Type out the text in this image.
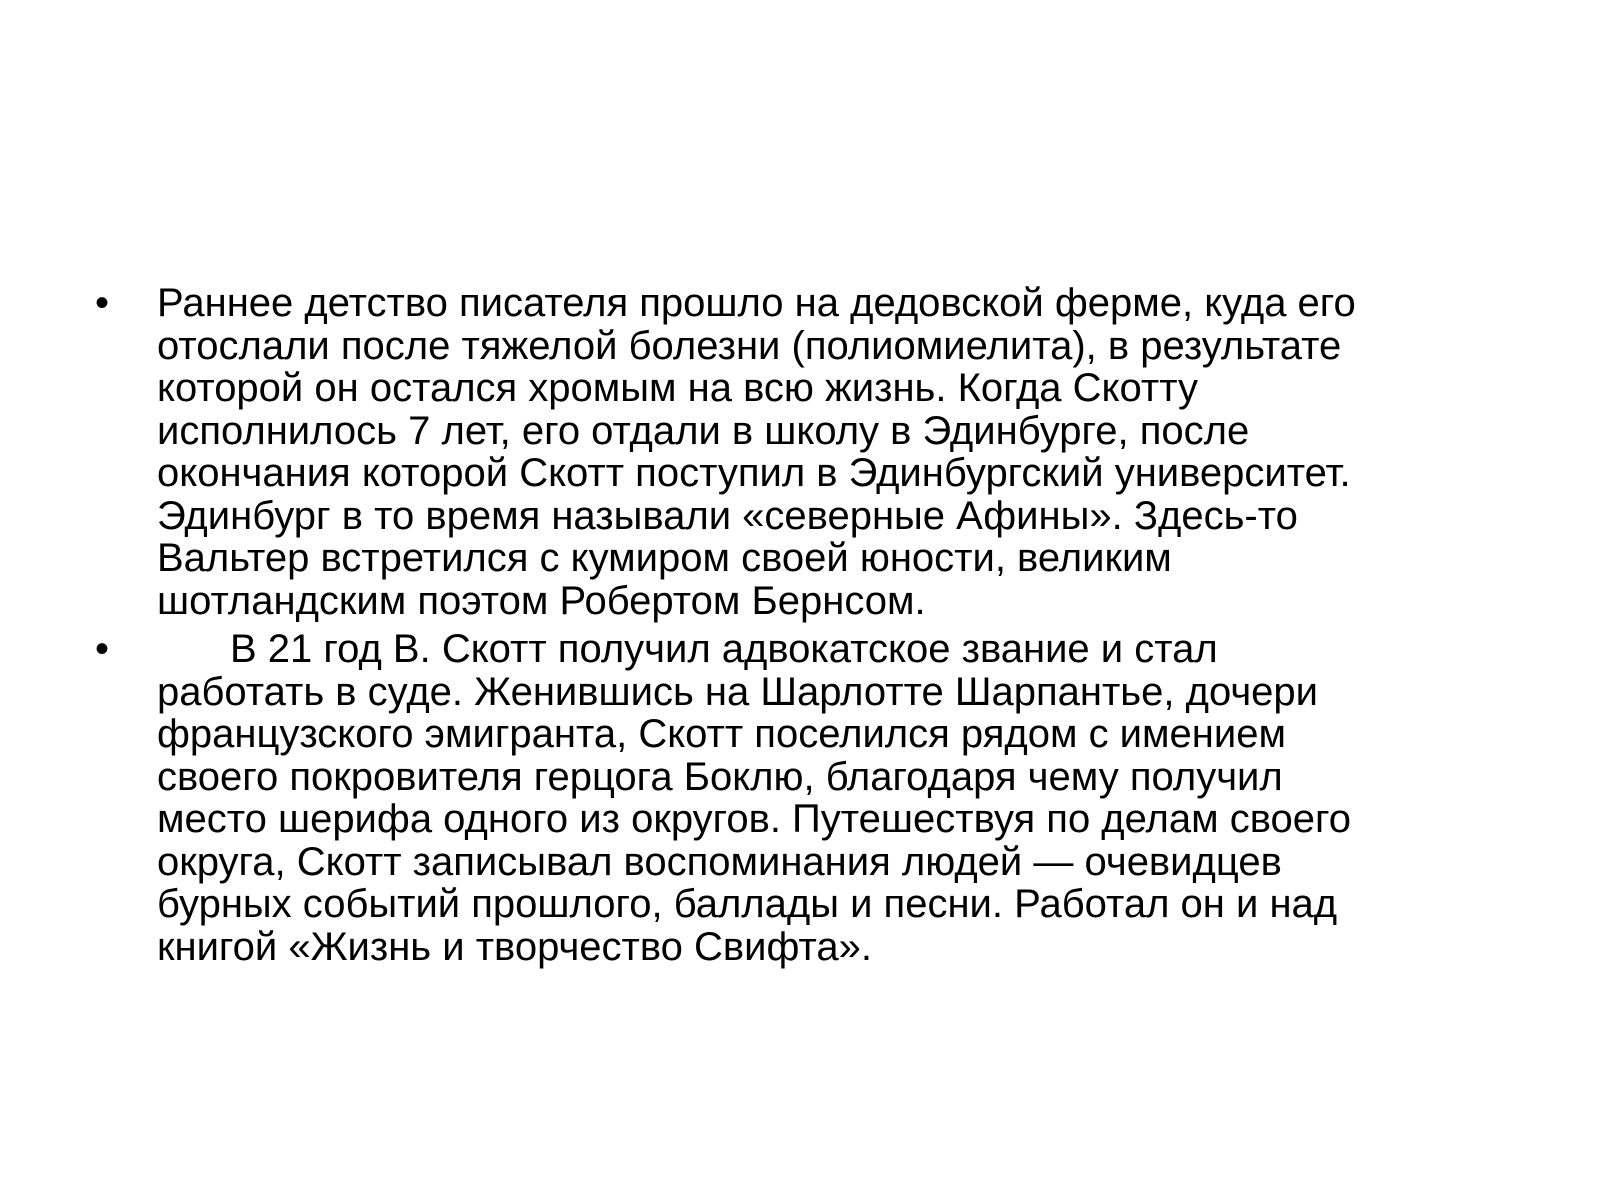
• Раннее детство писателя прошло на дедовской ферме, куда его
отослали после тяжелой болезни (полиомиелита), в результате
которой он остался хромым на всю жизнь. Когда Скотту
исполнилось 7 лет, его отдали в школу в Эдинбурге, после
окончания которой Скотт поступил в Эдинбургский университет.
Эдинбург в то время называли «северные Афины». Здесь-то
Вальтер встретился с кумиром своей юности, великим
шотландским поэтом Робертом Бернсом.
•	В 21 год В. Скотт получил адвокатское звание и стал
работать в суде. Женившись на Шарлотте Шарпантье, дочери
французского эмигранта, Скотт поселился рядом с имением
своего покровителя герцога Боклю, благодаря чему получил
место шерифа одного из округов. Путешествуя по делам своего
округа, Скотт записывал воспоминания людей — очевидцев
бурных событий прошлого, баллады и песни. Работал он и над
книгой «Жизнь и творчество Свифта».
